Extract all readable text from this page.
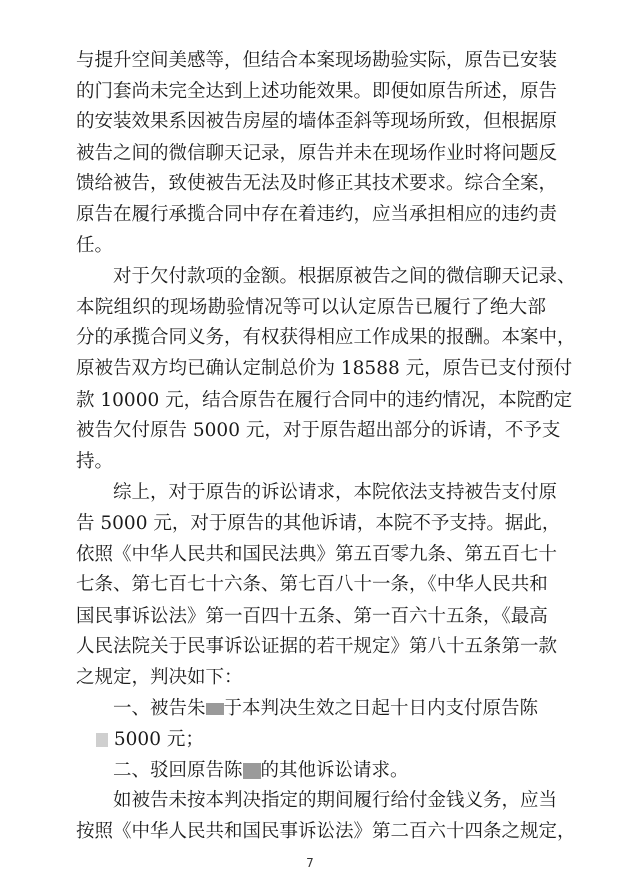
与提升空间美感等，但结合本案现场勘验实际，原告已安装
的门套尚未完全达到上述功能效果。即便如原告所述，原告
的安装效果系因被告房屋的墙体歪斜等现场所致，但根据原
被告之间的微信聊天记录，原告并未在现场作业时将问题反
馈给被告，致使被告无法及时修正其技术要求。综合全案，
原告在履行承揽合同中存在着违约，应当承担相应的违约责
任。
对于欠付款项的金额。根据原被告之间的微信聊天记录、
本院组织的现场勘验情况等可以认定原告已履行了绝大部
分的承揽合同义务，有权获得相应工作成果的报酬。本案中，
原被告双方均已确认定制总价为 18588 元，原告已支付预付
款 10000 元，结合原告在履行合同中的违约情况，本院酌定
被告欠付原告 5000 元，对于原告超出部分的诉请，不予支
持。
综上，对于原告的诉讼请求，本院依法支持被告支付原
告 5000 元，对于原告的其他诉请，本院不予支持。据此，
依照《中华人民共和国民法典》第五百零九条、第五百七十
七条、第七百七十六条、第七百八十一条，《中华人民共和
国民事诉讼法》第一百四十五条、第一百六十五条，《最高
人民法院关于民事诉讼证据的若干规定》第八十五条第一款
之规定，判决如下：
一、被告朱 于本判决生效之日起十日内支付原告陈
5000 元；
二、驳回原告陈 的其他诉讼请求。
如被告未按本判决指定的期间履行给付金钱义务，应当
按照《中华人民共和国民事诉讼法》第二百六十四条之规定，
7
